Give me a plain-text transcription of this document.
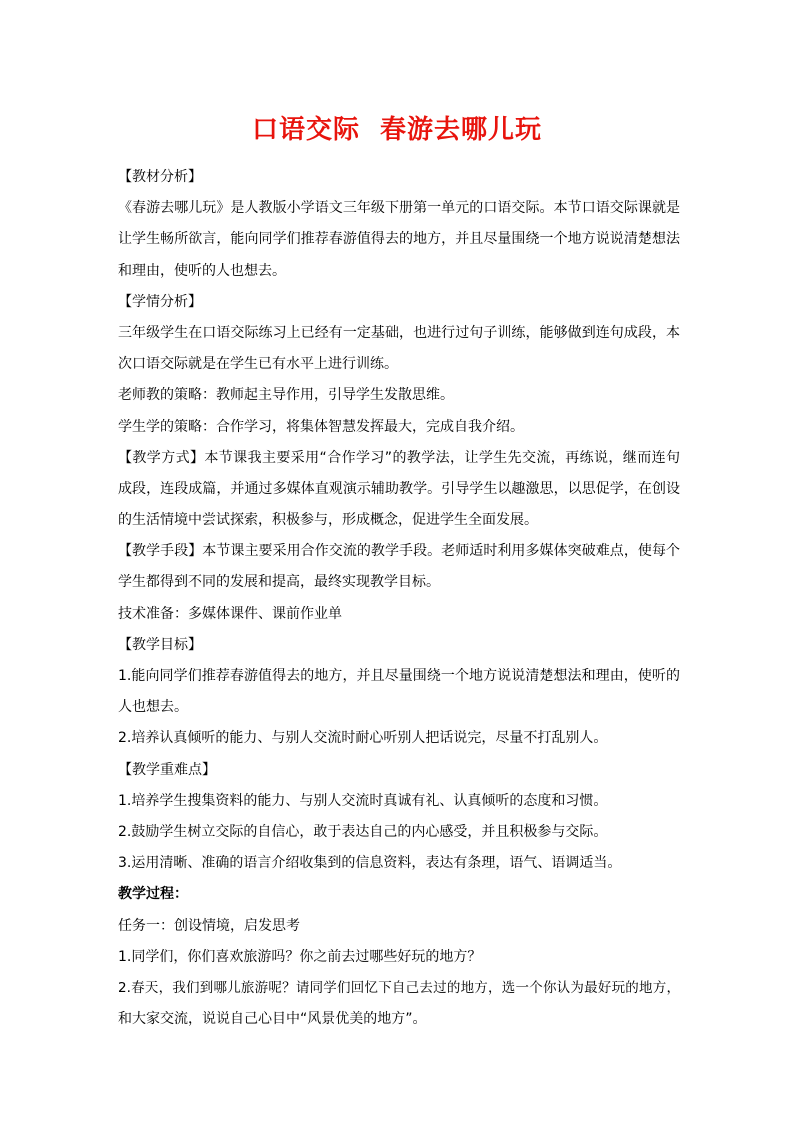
口语交际  春游去哪儿玩
【教材分析】
《春游去哪儿玩》是人教版小学语文三年级下册第一单元的口语交际。本节口语交际课就是
让学生畅所欲言，能向同学们推荐春游值得去的地方，并且尽量围绕一个地方说说清楚想法
和理由，使听的人也想去。
【学情分析】
三年级学生在口语交际练习上已经有一定基础，也进行过句子训练，能够做到连句成段，本
次口语交际就是在学生已有水平上进行训练。
老师教的策略：教师起主导作用，引导学生发散思维。
学生学的策略：合作学习，将集体智慧发挥最大，完成自我介绍。
【教学方式】本节课我主要采用“合作学习”的教学法，让学生先交流，再练说，继而连句
成段，连段成篇，并通过多媒体直观演示辅助教学。引导学生以趣激思，以思促学，在创设
的生活情境中尝试探索，积极参与，形成概念，促进学生全面发展。
【教学手段】本节课主要采用合作交流的教学手段。老师适时利用多媒体突破难点，使每个
学生都得到不同的发展和提高，最终实现教学目标。
技术准备：多媒体课件、课前作业单
【教学目标】
1.能向同学们推荐春游值得去的地方，并且尽量围绕一个地方说说清楚想法和理由，使听的
人也想去。
2.培养认真倾听的能力、与别人交流时耐心听别人把话说完，尽量不打乱别人。
【教学重难点】
1.培养学生搜集资料的能力、与别人交流时真诚有礼、认真倾听的态度和习惯。
2.鼓励学生树立交际的自信心，敢于表达自己的内心感受，并且积极参与交际。
3.运用清晰、准确的语言介绍收集到的信息资料，表达有条理，语气、语调适当。
教学过程：
任务一：创设情境，启发思考
1.同学们，你们喜欢旅游吗？你之前去过哪些好玩的地方？
2.春天，我们到哪儿旅游呢？请同学们回忆下自己去过的地方，选一个你认为最好玩的地方，
和大家交流，说说自己心目中“风景优美的地方”。
